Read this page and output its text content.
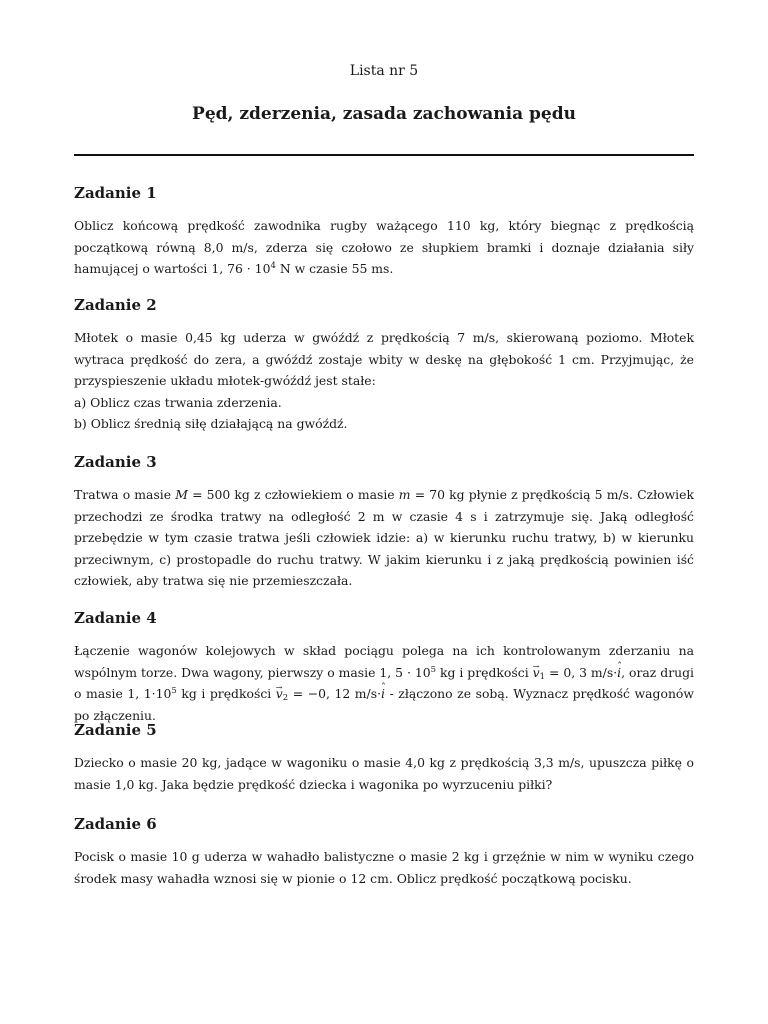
Lista nr 5
Pęd, zderzenia, zasada zachowania pędu
Zadanie 1

Oblicz końcową prędkość zawodnika rugby ważącego 110 kg, który biegnąc z prędkością początkową równą 8,0 m/s, zderza się czołowo ze słupkiem bramki i doznaje działania siły hamującej o wartości 1, $76 \cdot 10^4$ N w czasie 55 ms.

Zadanie 2

Młotek o masie 0,45 kg uderza w gwóźdź z prędkością 7 m/s, skierowaną poziomo. Młotek wytraca prędkość do zera, a gwóźdź zostaje wbity w deskę na głębokość 1 cm. Przyjmując, że przyspieszenie układu młotek-gwóźdź jest stałe:

a) Oblicz czas trwania zderzenia.

b) Oblicz średnią siłę działającą na gwóźdź.

Zadanie 3

Tratwa o masie M = 500 kg z człowiekiem o masie m = 70 kg płynie z prędkością 5 m/s. Człowiek przechodzi ze środka tratwy na odległość 2 m w czasie 4 s i zatrzymuje się. Jaką odległość przebędzie w tym czasie tratwa jeśli człowiek idzie: a) w kierunku ruchu tratwy, b) w kierunku przeciwnym, c) prostopadle do ruchu tratwy. W jakim kierunku i z jaką prędkością powinien iść człowiek, aby tratwa się nie przemieszczała.

Zadanie 4

Łączenie wagonów kolejowych w skład pociągu polega na ich kontrolowanym zderzaniu na wspólnym torze. Dwa wagony, pierwszy o masie 1, $5 \cdot 10^5$ kg i prędkości → $v_1 = 0$, 3 m/s·ˆ i, oraz drugi o masie 1, $1\cdot 10^5$ kg i prędkości → $v_2 = -0$, 12 m/s·ˆ i - złączono ze sobą. Wyznacz prędkość wagonów po złączeniu.

Zadanie 5

Dziecko o masie 20 kg, jadące w wagoniku o masie 4,0 kg z prędkością 3,3 m/s, upuszcza piłkę o masie 1,0 kg. Jaka będzie prędkość dziecka i wagonika po wyrzuceniu piłki?

Zadanie 6

Pocisk o masie 10 g uderza w wahadło balistyczne o masie 2 kg i grzęźnie w nim w wyniku czego środek masy wahadła wznosi się w pionie o 12 cm. Oblicz prędkość początkową pocisku.
